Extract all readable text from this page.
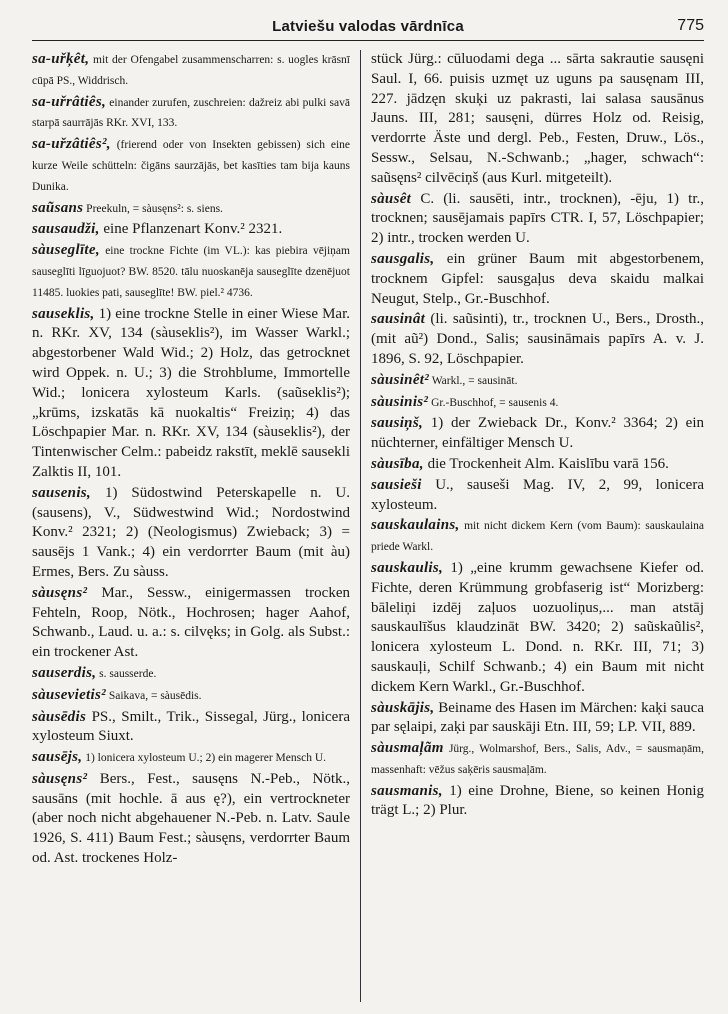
Latviešu valodas vārdnīca	775

sa-uřķêt, mit der Ofengabel zusammenscharren: s. uogles krāsnī cūpā PS., Widdrisch.

sa-uřrâtiês, einander zurufen, zuschreien: dažreiz abi pulki savā starpā saurrājās RKr. XVI, 133.

sa-uřzâtiês², (frierend oder von Insekten gebissen) sich eine kurze Weile schütteln: čigāns saurzājās, bet kasīties tam bija kauns Dunika.

saũsans Preekuln, = sàusęns²: s. siens.

sausaudži, eine Pflanzenart Konv.² 2321.

sàuseglīte, eine trockne Fichte (im VL.): kas piebira vējiņam sauseglīti līguojuot? BW. 8520. tālu nuoskanēja sauseglīte dzenējuot 11485. luokies pati, sauseglīte! BW. piel.² 4736.

sauseklis, 1) eine trockne Stelle in einer Wiese Mar. n. RKr. XV, 134 (sàuseklis²), im Wasser Warkl.; abgestorbener Wald Wid.; 2) Holz, das getrocknet wird Oppek. n. U.; 3) die Strohblume, Immortelle Wid.; lonicera xylosteum Karls. (saũseklis²); „krūms, izskatās kā nuokaltis“ Freiziņ; 4) das Löschpapier Mar. n. RKr. XV, 134 (sàuseklis²), der Tintenwischer Celm.: pabeidz rakstīt, meklē sausekli Zalktis II, 101.

sausenis, 1) Südostwind Peterskapelle n. U. (sausens), V., Südwestwind Wid.; Nordostwind Konv.² 2321; 2) (Neologismus) Zwieback; 3) = sausējs 1 Vank.; 4) ein verdorrter Baum (mit àu) Ermes, Bers. Zu sàuss.

sàusęns² Mar., Sessw., einigermassen trocken Fehteln, Roop, Nötk., Hochrosen; hager Aahof, Schwanb., Laud. u. a.: s. cilvęks; in Golg. als Subst.: ein trockener Ast.

sauserdis, s. sausserde.

sàusevietis² Saikava, = sàusēdis.

sàusēdis PS., Smilt., Trik., Sissegal, Jürg., lonicera xylosteum Siuxt.

sausējs, 1) lonicera xylosteum U.; 2) ein magerer Mensch U.

sàusęns² Bers., Fest., sausęns N.-Peb., Nötk., sausāns (mit hochle. ā aus ę?), ein vertrockneter (aber noch nicht abgehauener N.-Peb. n. Latv. Saule 1926, S. 411) Baum Fest.; sàusęns, verdorrter Baum od. Ast. trockenes Holz-

stück Jürg.: cūluodami dega ... sārta sakrautie sausęni Saul. I, 66. puisis uzmęt uz uguns pa sausęnam III, 227. jādzęn skuķi uz pakrasti, lai salasa sausānus Jauns. III, 281; sausęni, dürres Holz od. Reisig, verdorrte Äste und dergl. Peb., Festen, Druw., Lös., Sessw., Selsau, N.-Schwanb.; „hager, schwach“: saũsęns² cilvēciņš (aus Kurl. mitgeteilt).

sàusêt C. (li. sausēti, intr., trocknen), -ēju, 1) tr., trocknen; sausējamais papīrs CTR. I, 57, Löschpapier; 2) intr., trocken werden U.

sausgalis, ein grüner Baum mit abgestorbenem, trocknem Gipfel: sausgaļus deva skaidu malkai Neugut, Stelp., Gr.-Buschhof.

sausinât (li. saũsinti), tr., trocknen U., Bers., Drosth., (mit aũ²) Dond., Salis; sausināmais papīrs A. v. J. 1896, S. 92, Löschpapier.

sàusinêt² Warkl., = sausināt.

sàusinis² Gr.-Buschhof, = sausenis 4.

sausiņš, 1) der Zwieback Dr., Konv.² 3364; 2) ein nüchterner, einfältiger Mensch U.

sàusība, die Trockenheit Alm. Kaislību varā 156.

sausieši U., sauseši Mag. IV, 2, 99, lonicera xylosteum.

sauskaulains, mit nicht dickem Kern (vom Baum): sauskaulaina priede Warkl.

sauskaulis, 1) „eine krumm gewachsene Kiefer od. Fichte, deren Krümmung grobfaserig ist“ Morizberg: bāleliņi izdēj zaļuos uozuoliņus,... man atstāj sauskaulīšus klaudzināt BW. 3420; 2) saũskaũlis², lonicera xylosteum L. Dond. n. RKr. III, 71; 3) sauskauļi, Schilf Schwanb.; 4) ein Baum mit nicht dickem Kern Warkl., Gr.-Buschhof.

sàuskājis, Beiname des Hasen im Märchen: kaķi sauca par sęlaipi, zaķi par sauskāji Etn. III, 59; LP. VII, 889.

sàusmaļãm Jürg., Wolmarshof, Bers., Salis, Adv., = sausmaņām, massenhaft: vēžus saķēris sausmaļām.

sausmanis, 1) eine Drohne, Biene, so keinen Honig trägt L.; 2) Plur.
